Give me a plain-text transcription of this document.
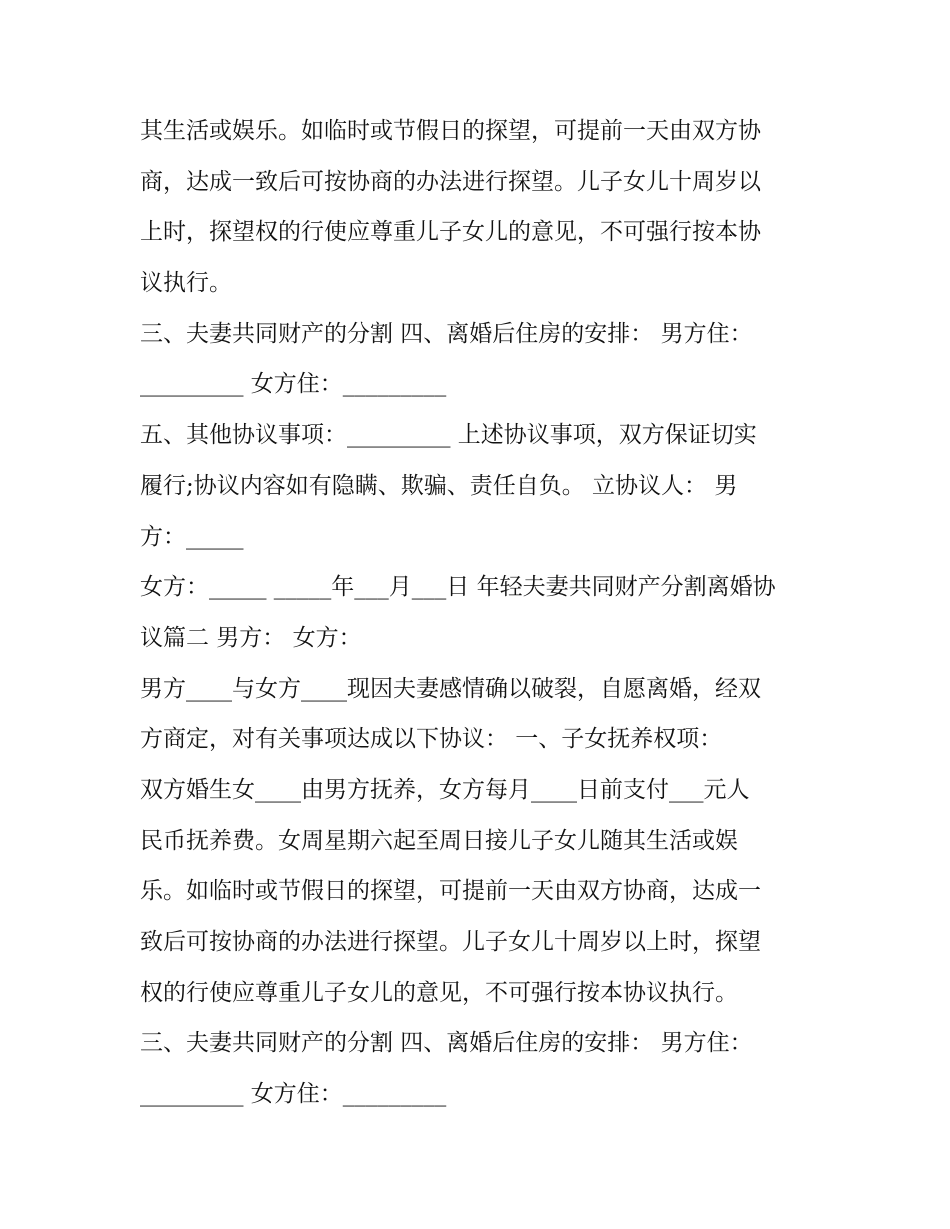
其生活或娱乐。如临时或节假日的探望，可提前一天由双方协
商，达成一致后可按协商的办法进行探望。儿子女儿十周岁以
上时，探望权的行使应尊重儿子女儿的意见，不可强行按本协
议执行。
三、夫妻共同财产的分割 四、离婚后住房的安排： 男方住：
_________ 女方住：_________
五、其他协议事项：_________ 上述协议事项，双方保证切实
履行;协议内容如有隐瞒、欺骗、责任自负。 立协议人： 男
方：_____
女方：_____ _____年___月___日 年轻夫妻共同财产分割离婚协
议篇二 男方： 女方：
男方____与女方____现因夫妻感情确以破裂，自愿离婚，经双
方商定，对有关事项达成以下协议： 一、子女抚养权项：
双方婚生女____由男方抚养，女方每月____日前支付___元人
民币抚养费。女周星期六起至周日接儿子女儿随其生活或娱
乐。如临时或节假日的探望，可提前一天由双方协商，达成一
致后可按协商的办法进行探望。儿子女儿十周岁以上时，探望
权的行使应尊重儿子女儿的意见，不可强行按本协议执行。
三、夫妻共同财产的分割 四、离婚后住房的安排： 男方住：
_________ 女方住：_________
